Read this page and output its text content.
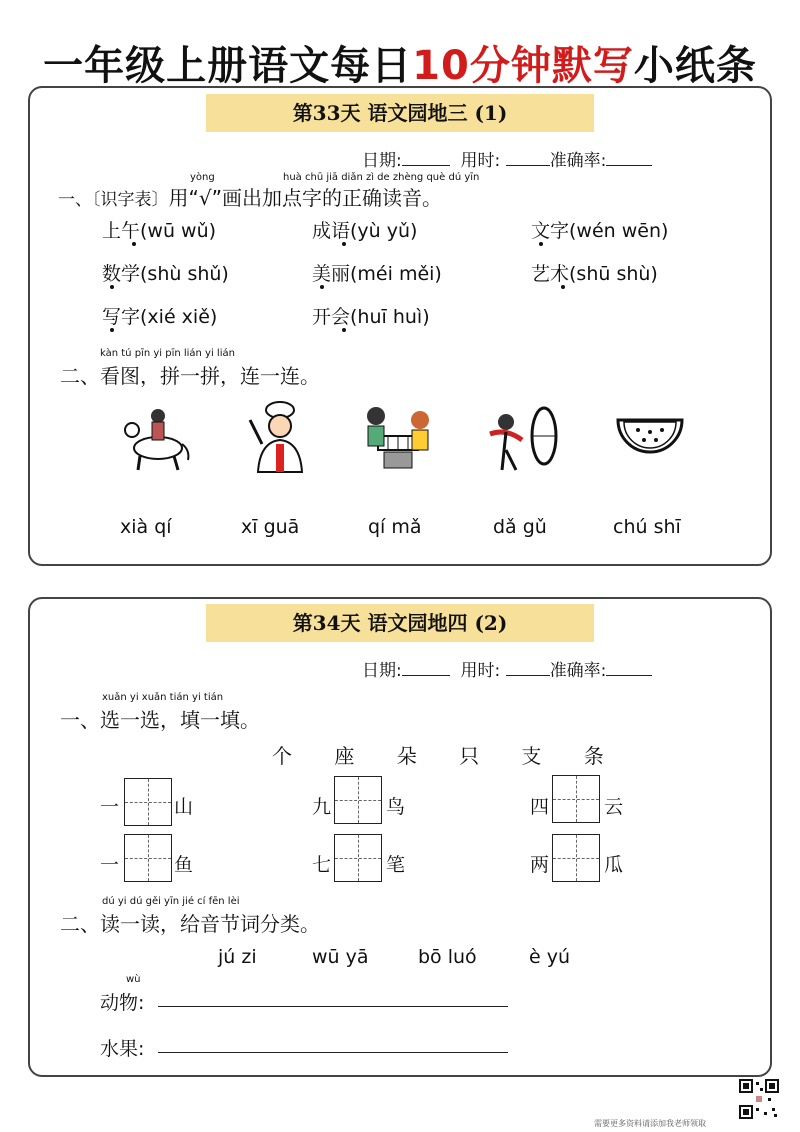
一年级上册语文每日10分钟默写小纸条
第33天 语文园地三 (1)
日期:	用时:	准确率:
yòng	huà chū jiā diǎn zì de zhèng què dú yīn
一、〔识字表〕用“√”画出加点字的正确读音。
上午(wū wǔ)	成语(yù yǔ)	文字(wén wēn)
数学(shù shǔ)	美丽(méi měi)	艺术(shū shù)
写字(xié xiě)	开会(huī huì)
kàn tú pīn yi pīn lián yi lián
二、看图，拼一拼，连一连。
xià qí	xī guā	qí mǎ	dǎ gǔ	chú shī
第34天 语文园地四 (2)
日期:	用时:	准确率:
xuǎn yi xuǎn tián yi tián
一、选一选，填一填。
个 座 朵 只 支 条
一	山	九	鸟	四	云
一	鱼	七	笔	两	瓜
dú yi dú gěi yīn jié cí fēn lèi
二、读一读，给音节词分类。
jú zi	wū yā	bō luó	è yú
wù
动物:
水果:
需要更多资料请添加我老师领取
